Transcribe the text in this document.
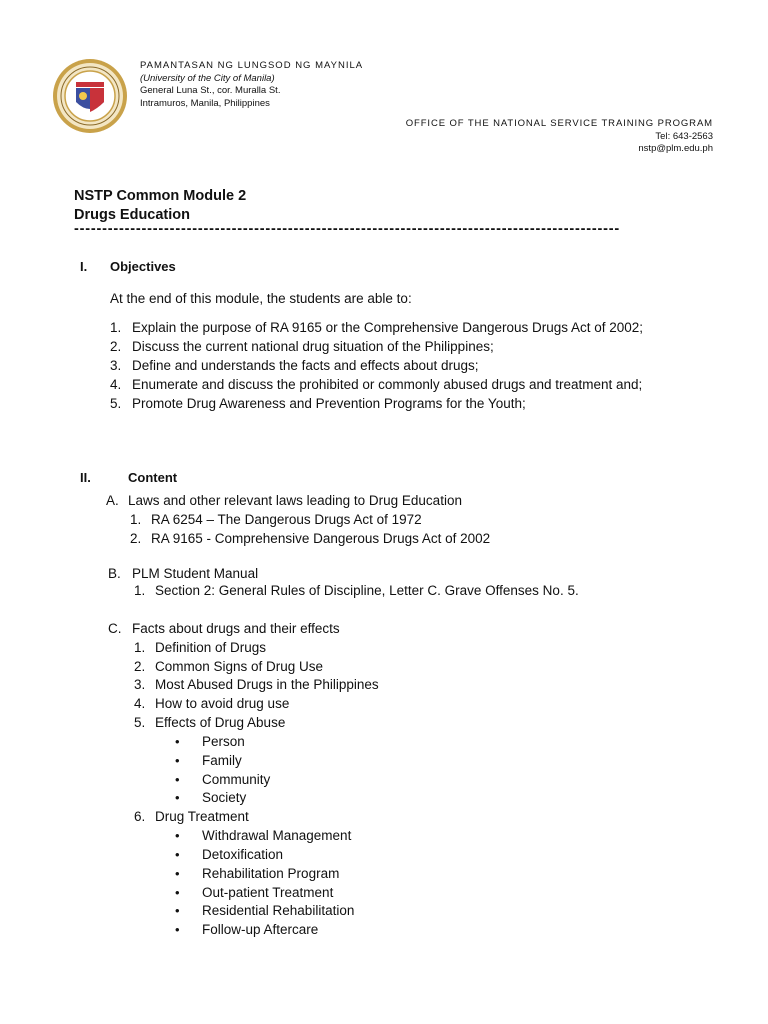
PAMANTASAN NG LUNGSOD NG MAYNILA
(University of the City of Manila)
General Luna St., cor. Muralla St.
Intramuros, Manila, Philippines
OFFICE OF THE NATIONAL SERVICE TRAINING PROGRAM
Tel: 643-2563
nstp@plm.edu.ph
NSTP Common Module 2
Drugs Education
-------------------------------------------------------------------------------------------------
I. Objectives
At the end of this module, the students are able to:
1. Explain the purpose of RA 9165 or the Comprehensive Dangerous Drugs Act of 2002;
2. Discuss the current national drug situation of the Philippines;
3. Define and understands the facts and effects about drugs;
4. Enumerate and discuss the prohibited or commonly abused drugs and treatment and;
5. Promote Drug Awareness and Prevention Programs for the Youth;
II.	Content
A. Laws and other relevant laws leading to Drug Education
1. RA 6254 – The Dangerous Drugs Act of 1972
2. RA 9165 - Comprehensive Dangerous Drugs Act of 2002
B. PLM Student Manual
1. Section 2: General Rules of Discipline, Letter C. Grave Offenses No. 5.
C. Facts about drugs and their effects
1. Definition of Drugs
2. Common Signs of Drug Use
3. Most Abused Drugs in the Philippines
4. How to avoid drug use
5. Effects of Drug Abuse
• Person
• Family
• Community
• Society
6. Drug Treatment
• Withdrawal Management
• Detoxification
• Rehabilitation Program
• Out-patient Treatment
• Residential Rehabilitation
• Follow-up Aftercare
